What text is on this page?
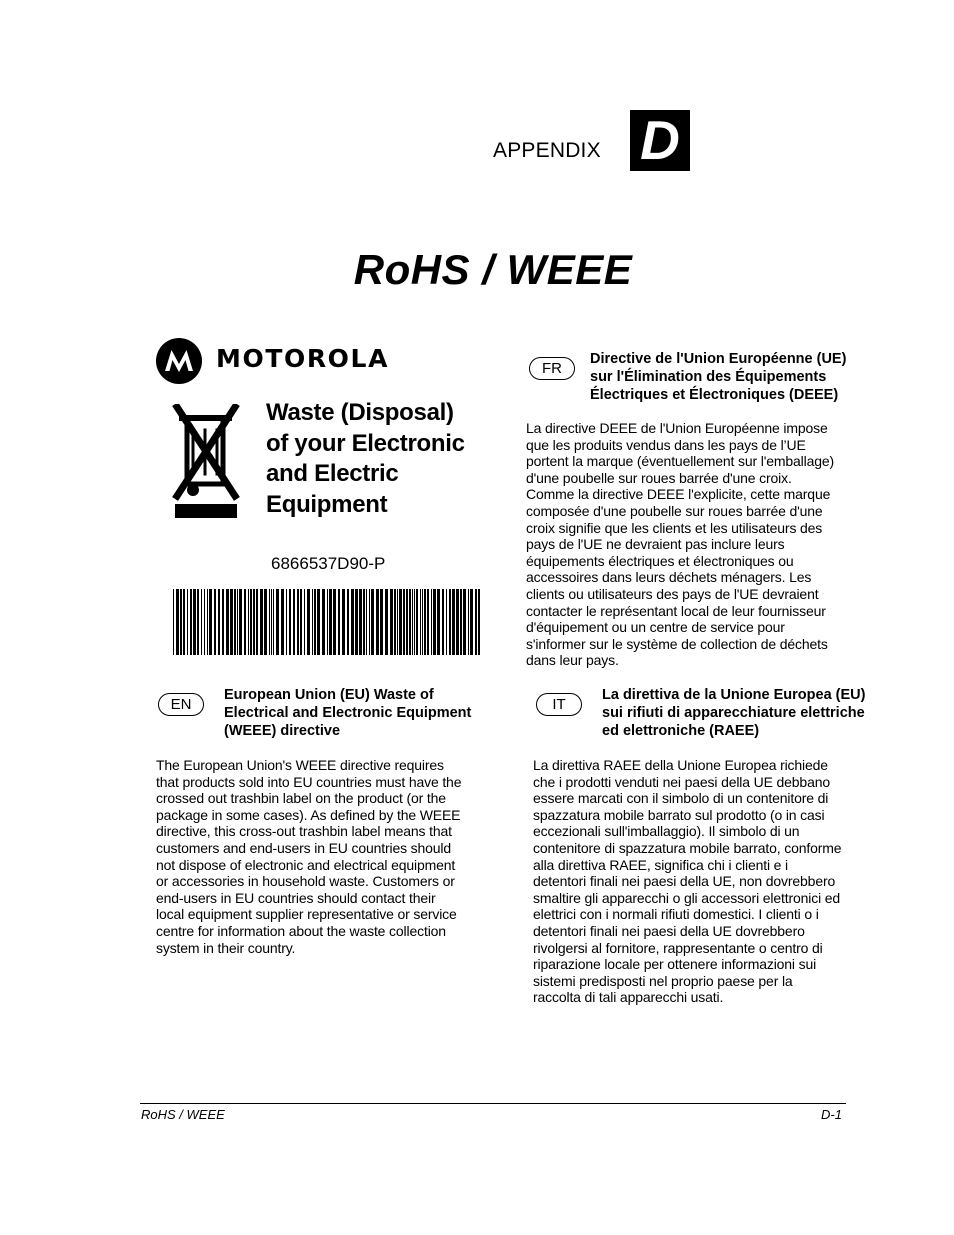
APPENDIX D
RoHS / WEEE
MOTOROLA
Waste (Disposal)
of your Electronic
and Electric
Equipment
6866537D90-P
FR
Directive de l'Union Européenne (UE)
sur l'Élimination des Équipements
Électriques et Électroniques (DEEE)
La directive DEEE de l'Union Européenne impose
que les produits vendus dans les pays de l’UE
portent la marque (éventuellement sur l'emballage)
d'une poubelle sur roues barrée d'une croix.
Comme la directive DEEE l'explicite, cette marque
composée d'une poubelle sur roues barrée d'une
croix signifie que les clients et les utilisateurs des
pays de l'UE ne devraient pas inclure leurs
équipements électriques et électroniques ou
accessoires dans leurs déchets ménagers. Les
clients ou utilisateurs des pays de l'UE devraient
contacter le représentant local de leur fournisseur
d'équipement ou un centre de service pour
s'informer sur le système de collection de déchets
dans leur pays.
EN
European Union (EU) Waste of
Electrical and Electronic Equipment
(WEEE) directive
The European Union's WEEE directive requires
that products sold into EU countries must have the
crossed out trashbin label on the product (or the
package in some cases). As defined by the WEEE
directive, this cross-out trashbin label means that
customers and end-users in EU countries should
not dispose of electronic and electrical equipment
or accessories in household waste. Customers or
end-users in EU countries should contact their
local equipment supplier representative or service
centre for information about the waste collection
system in their country.
IT
La direttiva de la Unione Europea (EU)
sui rifiuti di apparecchiature elettriche
ed elettroniche (RAEE)
La direttiva RAEE della Unione Europea richiede
che i prodotti venduti nei paesi della UE debbano
essere marcati con il simbolo di un contenitore di
spazzatura mobile barrato sul prodotto (o in casi
eccezionali sull'imballaggio). Il simbolo di un
contenitore di spazzatura mobile barrato, conforme
alla direttiva RAEE, significa chi i clienti e i
detentori finali nei paesi della UE, non dovrebbero
smaltire gli apparecchi o gli accessori elettronici ed
elettrici con i normali rifiuti domestici. I clienti o i
detentori finali nei paesi della UE dovrebbero
rivolgersi al fornitore, rappresentante o centro di
riparazione locale per ottenere informazioni sui
sistemi predisposti nel proprio paese per la
raccolta di tali apparecchi usati.
RoHS / WEEE	D-1
